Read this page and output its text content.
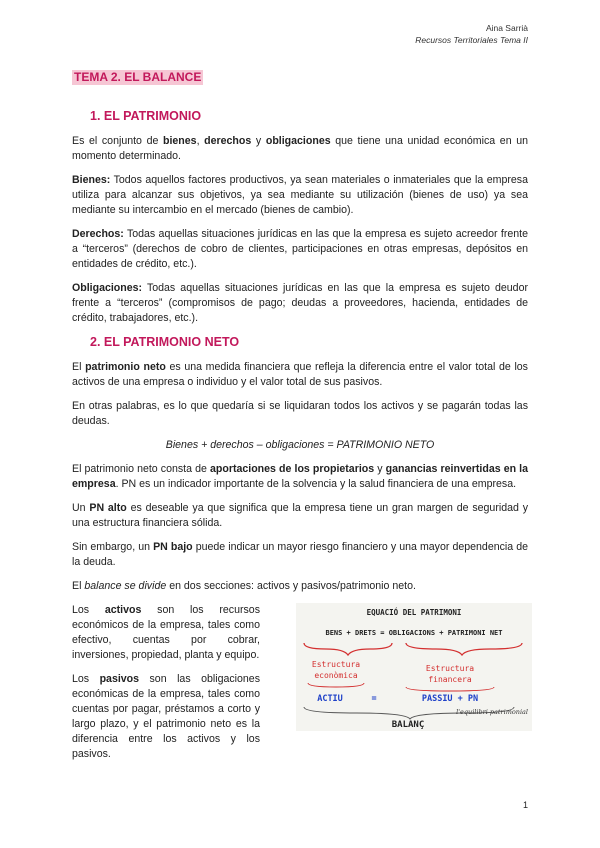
Aina Sarrià
Recursos Territoriales Tema II
TEMA 2. EL BALANCE
1. EL PATRIMONIO

Es el conjunto de bienes, derechos y obligaciones que tiene una unidad económica en un momento determinado.

Bienes: Todos aquellos factores productivos, ya sean materiales o inmateriales que la empresa utiliza para alcanzar sus objetivos, ya sea mediante su utilización (bienes de uso) ya sea mediante su intercambio en el mercado (bienes de cambio).

Derechos: Todas aquellas situaciones jurídicas en las que la empresa es sujeto acreedor frente a “terceros” (derechos de cobro de clientes, participaciones en otras empresas, depósitos en entidades de crédito, etc.).

Obligaciones: Todas aquellas situaciones jurídicas en las que la empresa es sujeto deudor frente a “terceros” (compromisos de pago; deudas a proveedores, hacienda, entidades de crédito, trabajadores, etc.).

2. EL PATRIMONIO NETO

El patrimonio neto es una medida financiera que refleja la diferencia entre el valor total de los activos de una empresa o individuo y el valor total de sus pasivos.

En otras palabras, es lo que quedaría si se liquidaran todos los activos y se pagarán todas las deudas.

Bienes + derechos – obligaciones = PATRIMONIO NETO

El patrimonio neto consta de aportaciones de los propietarios y ganancias reinvertidas en la empresa. PN es un indicador importante de la solvencia y la salud financiera de una empresa.

Un PN alto es deseable ya que significa que la empresa tiene un gran margen de seguridad y una estructura financiera sólida.

Sin embargo, un PN bajo puede indicar un mayor riesgo financiero y una mayor dependencia de la deuda.

El balance se divide en dos secciones: activos y pasivos/patrimonio neto.

Los activos son los recursos económicos de la empresa, tales como efectivo, cuentas por cobrar, inversiones, propiedad, planta y equipo.

Los pasivos son las obligaciones económicas de la empresa, tales como cuentas por pagar, préstamos a corto y largo plazo, y el patrimonio neto es la diferencia entre los activos y los pasivos.

EQUACIÓ DEL PATRIMONI
BENS + DRETS = OBLIGACIONS + PATRIMONI NET
Estructura
econòmica
Estructura
financera
ACTIU	=	PASSIU + PN
l'equilibri patrimonial
BALANÇ
1
